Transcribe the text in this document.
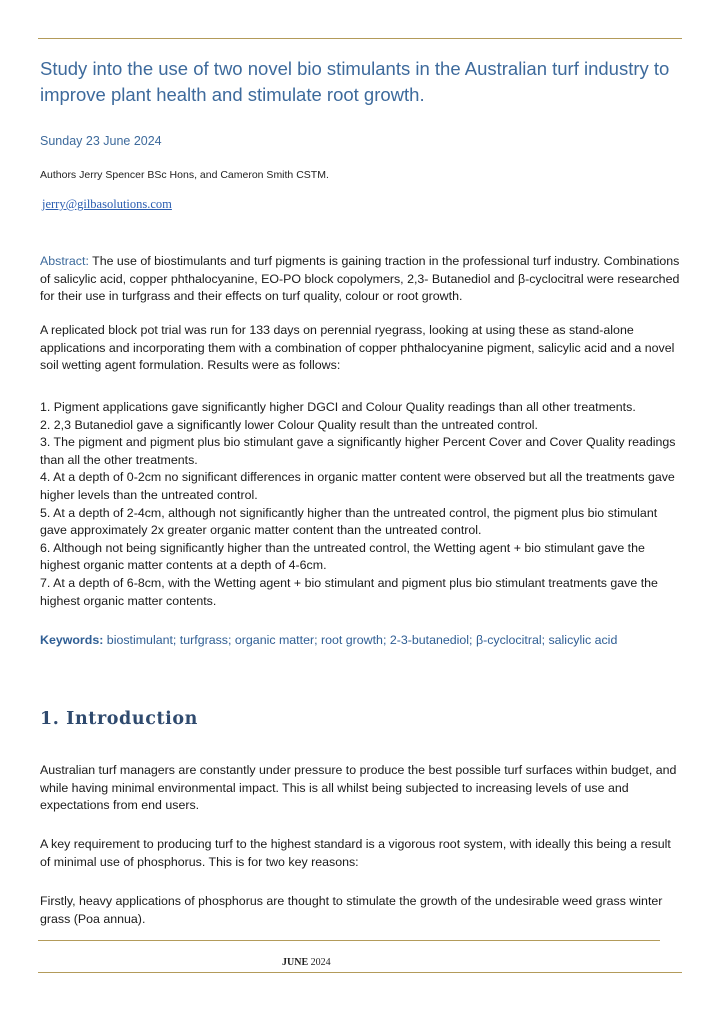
Study into the use of two novel bio stimulants in the Australian turf industry to improve plant health and stimulate root growth.
Sunday 23 June 2024
Authors Jerry Spencer BSc Hons, and Cameron Smith CSTM.
jerry@gilbasolutions.com
Abstract: The use of biostimulants and turf pigments is gaining traction in the professional turf industry. Combinations of salicylic acid, copper phthalocyanine, EO-PO block copolymers, 2,3- Butanediol and β-cyclocitral were researched for their use in turfgrass and their effects on turf quality, colour or root growth.
A replicated block pot trial was run for 133 days on perennial ryegrass, looking at using these as stand-alone applications and incorporating them with a combination of copper phthalocyanine pigment, salicylic acid and a novel soil wetting agent formulation. Results were as follows:
1. Pigment applications gave significantly higher DGCI and Colour Quality readings than all other treatments.
2. 2,3 Butanediol gave a significantly lower Colour Quality result than the untreated control.
3. The pigment and pigment plus bio stimulant gave a significantly higher Percent Cover and Cover Quality readings than all the other treatments.
4. At a depth of 0-2cm no significant differences in organic matter content were observed but all the treatments gave higher levels than the untreated control.
5. At a depth of 2-4cm, although not significantly higher than the untreated control, the pigment plus bio stimulant gave approximately 2x greater organic matter content than the untreated control.
6. Although not being significantly higher than the untreated control, the Wetting agent + bio stimulant gave the highest organic matter contents at a depth of 4-6cm.
7. At a depth of 6-8cm, with the Wetting agent + bio stimulant and pigment plus bio stimulant treatments gave the highest organic matter contents.
Keywords: biostimulant; turfgrass; organic matter; root growth; 2-3-butanediol; β-cyclocitral; salicylic acid
1. Introduction
Australian turf managers are constantly under pressure to produce the best possible turf surfaces within budget, and while having minimal environmental impact. This is all whilst being subjected to increasing levels of use and expectations from end users.
A key requirement to producing turf to the highest standard is a vigorous root system, with ideally this being a result of minimal use of phosphorus. This is for two key reasons:
Firstly, heavy applications of phosphorus are thought to stimulate the growth of the undesirable weed grass winter grass (Poa annua).
JUNE 2024
